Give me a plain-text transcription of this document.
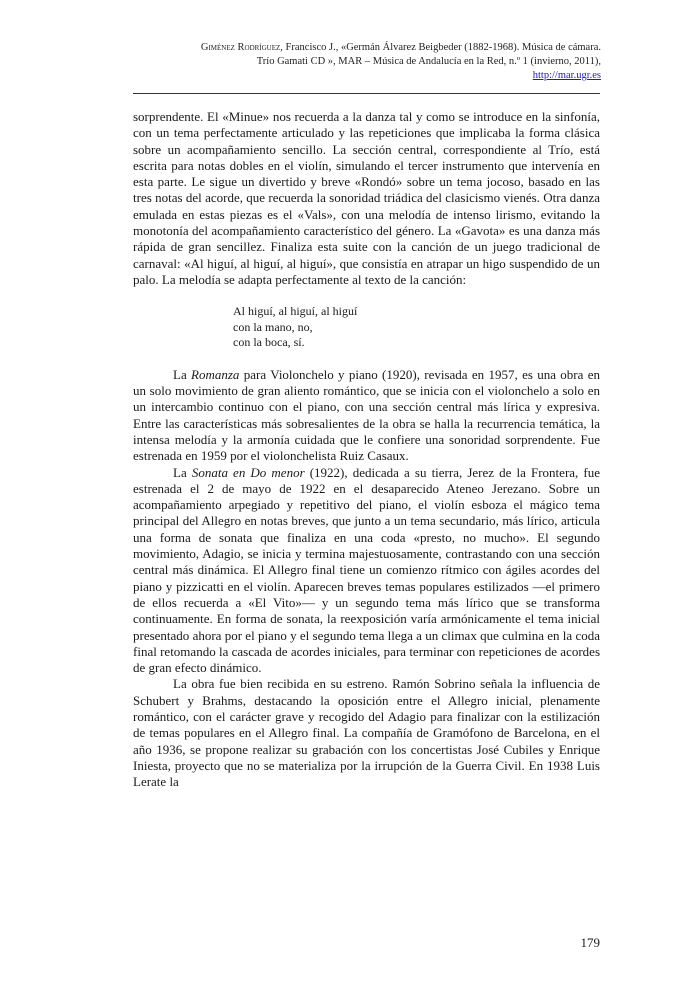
Giménez Rodríguez, Francisco J., «Germán Álvarez Beigbeder (1882-1968). Música de cámara.
Trío Gamati CD », MAR – Música de Andalucía en la Red, n.º 1 (invierno, 2011),
http://mar.ugr.es

sorprendente. El «Minue» nos recuerda a la danza tal y como se introduce en la sinfonía, con un tema perfectamente articulado y las repeticiones que implicaba la forma clásica sobre un acompañamiento sencillo. La sección central, correspondiente al Trío, está escrita para notas dobles en el violín, simulando el tercer instrumento que intervenía en esta parte. Le sigue un divertido y breve «Rondó» sobre un tema jocoso, basado en las tres notas del acorde, que recuerda la sonoridad triádica del clasicismo vienés. Otra danza emulada en estas piezas es el «Vals», con una melodía de intenso lirismo, evitando la monotonía del acompañamiento característico del género. La «Gavota» es una danza más rápida de gran sencillez. Finaliza esta suite con la canción de un juego tradicional de carnaval: «Al higuí, al higuí, al higuí», que consistía en atrapar un higo suspendido de un palo. La melodía se adapta perfectamente al texto de la canción:

Al higuí, al higuí, al higuí
con la mano, no,
con la boca, sí.

La Romanza para Violonchelo y piano (1920), revisada en 1957, es una obra en un solo movimiento de gran aliento romántico, que se inicia con el violonchelo a solo en un intercambio continuo con el piano, con una sección central más lírica y expresiva. Entre las características más sobresalientes de la obra se halla la recurrencia temática, la intensa melodía y la armonía cuidada que le confiere una sonoridad sorprendente. Fue estrenada en 1959 por el violonchelista Ruiz Casaux.

La Sonata en Do menor (1922), dedicada a su tierra, Jerez de la Frontera, fue estrenada el 2 de mayo de 1922 en el desaparecido Ateneo Jerezano. Sobre un acompañamiento arpegiado y repetitivo del piano, el violín esboza el mágico tema principal del Allegro en notas breves, que junto a un tema secundario, más lírico, articula una forma de sonata que finaliza en una coda «presto, no mucho». El segundo movimiento, Adagio, se inicia y termina majestuosamente, contrastando con una sección central más dinámica. El Allegro final tiene un comienzo rítmico con ágiles acordes del piano y pizzicatti en el violín. Aparecen breves temas populares estilizados —el primero de ellos recuerda a «El Vito»— y un segundo tema más lírico que se transforma continuamente. En forma de sonata, la reexposición varía armónicamente el tema inicial presentado ahora por el piano y el segundo tema llega a un climax que culmina en la coda final retomando la cascada de acordes iniciales, para terminar con repeticiones de acordes de gran efecto dinámico.

La obra fue bien recibida en su estreno. Ramón Sobrino señala la influencia de Schubert y Brahms, destacando la oposición entre el Allegro inicial, plenamente romántico, con el carácter grave y recogido del Adagio para finalizar con la estilización de temas populares en el Allegro final. La compañía de Gramófono de Barcelona, en el año 1936, se propone realizar su grabación con los concertistas José Cubiles y Enrique Iniesta, proyecto que no se materializa por la irrupción de la Guerra Civil. En 1938 Luis Lerate la

179
